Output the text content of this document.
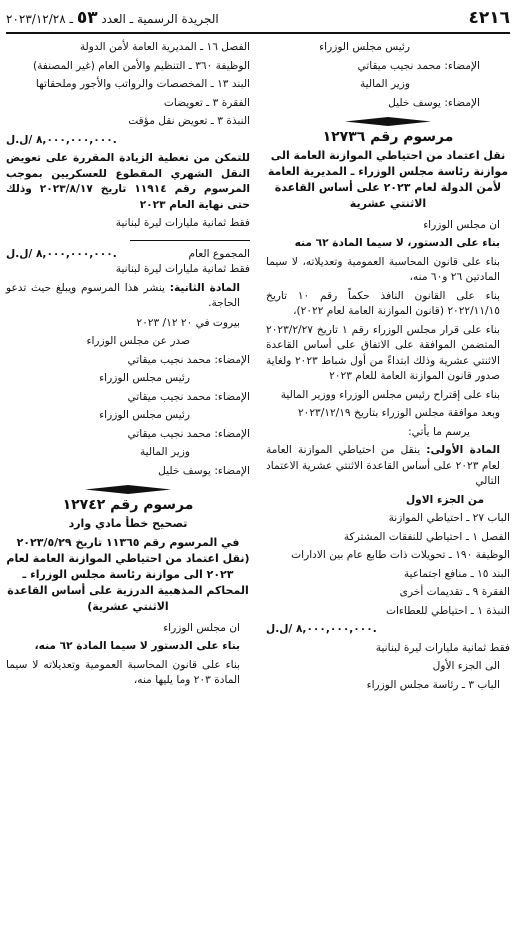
٤٢١٦
الجريدة الرسمية ـ العدد ٥٣ ـ ٢٠٢٣/١٢/٢٨

رئيس مجلس الوزراء

الإمضاء: محمد نجيب ميقاتي

وزير المالية

الإمضاء: يوسف خليل

مرسوم رقم ١٢٧٣٦

نقل اعتماد من احتياطي الموازنة العامة الى موازنة رئاسة مجلس الوزراء ـ المديرية العامة لأمن الدولة لعام ٢٠٢٣ على أساس القاعدة الاثنتي عشرية

ان مجلس الوزراء

بناء على الدستور، لا سيما المادة ٦٢ منه

بناء على قانون المحاسبة العمومية وتعديلاته، لا سيما المادتين ٢٦ و٦٠ منه،

بناء على القانون النافذ حكماً رقم ١٠ تاريخ ٢٠٢٢/١١/١٥ (قانون الموازنة العامة لعام ٢٠٢٢)،

بناء على قرار مجلس الوزراء رقم ١ تاريخ ٢٠٢٣/٢/٢٧ المتضمن الموافقة على الاتفاق على أساس القاعدة الاثنتي عشرية وذلك ابتداءً من أول شباط ٢٠٢٣ ولغاية صدور قانون الموازنة العامة للعام ٢٠٢٣

بناء على إقتراح رئيس مجلس الوزراء ووزير المالية

وبعد موافقة مجلس الوزراء بتاريخ ٢٠٢٣/١٢/١٩

يرسم ما يأتي:

المادة الأولى: ينقل من احتياطي الموازنة العامة لعام ٢٠٢٣ على أساس القاعدة الاثنتي عشرية الاعتماد التالي

من الجزء الاول

الباب ٢٧ ـ احتياطي الموازنة

الفصل ١ ـ احتياطي للنفقات المشتركة

الوظيفة ١٩٠ ـ تحويلات ذات طابع عام بين الادارات

البند ١٥ ـ منافع اجتماعية

الفقرة ٩ ـ تقديمات أخرى

النبذة ١ ـ احتياطي للعطاءات

٨,٠٠٠,٠٠٠,٠٠٠ /ل.ل.

فقط ثمانية مليارات ليرة لبنانية

الى الجزء الأول

الباب ٣ ـ رئاسة مجلس الوزراء

الفصل ١٦ ـ المديرية العامة لأمن الدولة

الوظيفة ٣٦٠ ـ التنظيم والأمن العام (غير المصنفة)

البند ١٣ ـ المخصصات والرواتب والأجور وملحقاتها

الفقرة ٣ ـ تعويضات

النبذة ٣ ـ تعويض نقل مؤقت

٨,٠٠٠,٠٠٠,٠٠٠ /ل.ل.

للتمكن من تغطية الزيادة المقررة على تعويض النقل الشهري المقطوع للعسكريين بموجب المرسوم رقم ١١٩١٤ تاريخ ٢٠٢٣/٨/١٧ وذلك حتى نهاية العام ٢٠٢٣

فقط ثمانية مليارات ليرة لبنانية

المجموع العام
٨,٠٠٠,٠٠٠,٠٠٠ /ل.ل.

فقط ثمانية مليارات ليرة لبنانية

المادة الثانية: ينشر هذا المرسوم ويبلغ حيث تدعو الحاجة.

بيروت في ٢٠ ١٢/ ٢٠٢٣

صدر عن مجلس الوزراء

الإمضاء: محمد نجيب ميقاتي

رئيس مجلس الوزراء

الإمضاء: محمد نجيب ميقاتي

رئيس مجلس الوزراء

الإمضاء: محمد نجيب ميقاتي

وزير المالية

الإمضاء: يوسف خليل

مرسوم رقم ١٢٧٤٢

تصحيح خطأ مادي وارد

في المرسوم رقم ١١٣٦٥ تاريخ ٢٠٢٣/٥/٢٩ (نقل اعتماد من احتياطي الموازنة العامة لعام ٢٠٢٣ الى موازنة رئاسة مجلس الوزراء ـ المحاكم المذهبية الدرزية على أساس القاعدة الاثنتي عشرية)

ان مجلس الوزراء

بناء على الدستور لا سيما المادة ٦٢ منه،

بناء على قانون المحاسبة العمومية وتعديلاته لا سيما المادة ٢٠٣ وما يليها منه،
